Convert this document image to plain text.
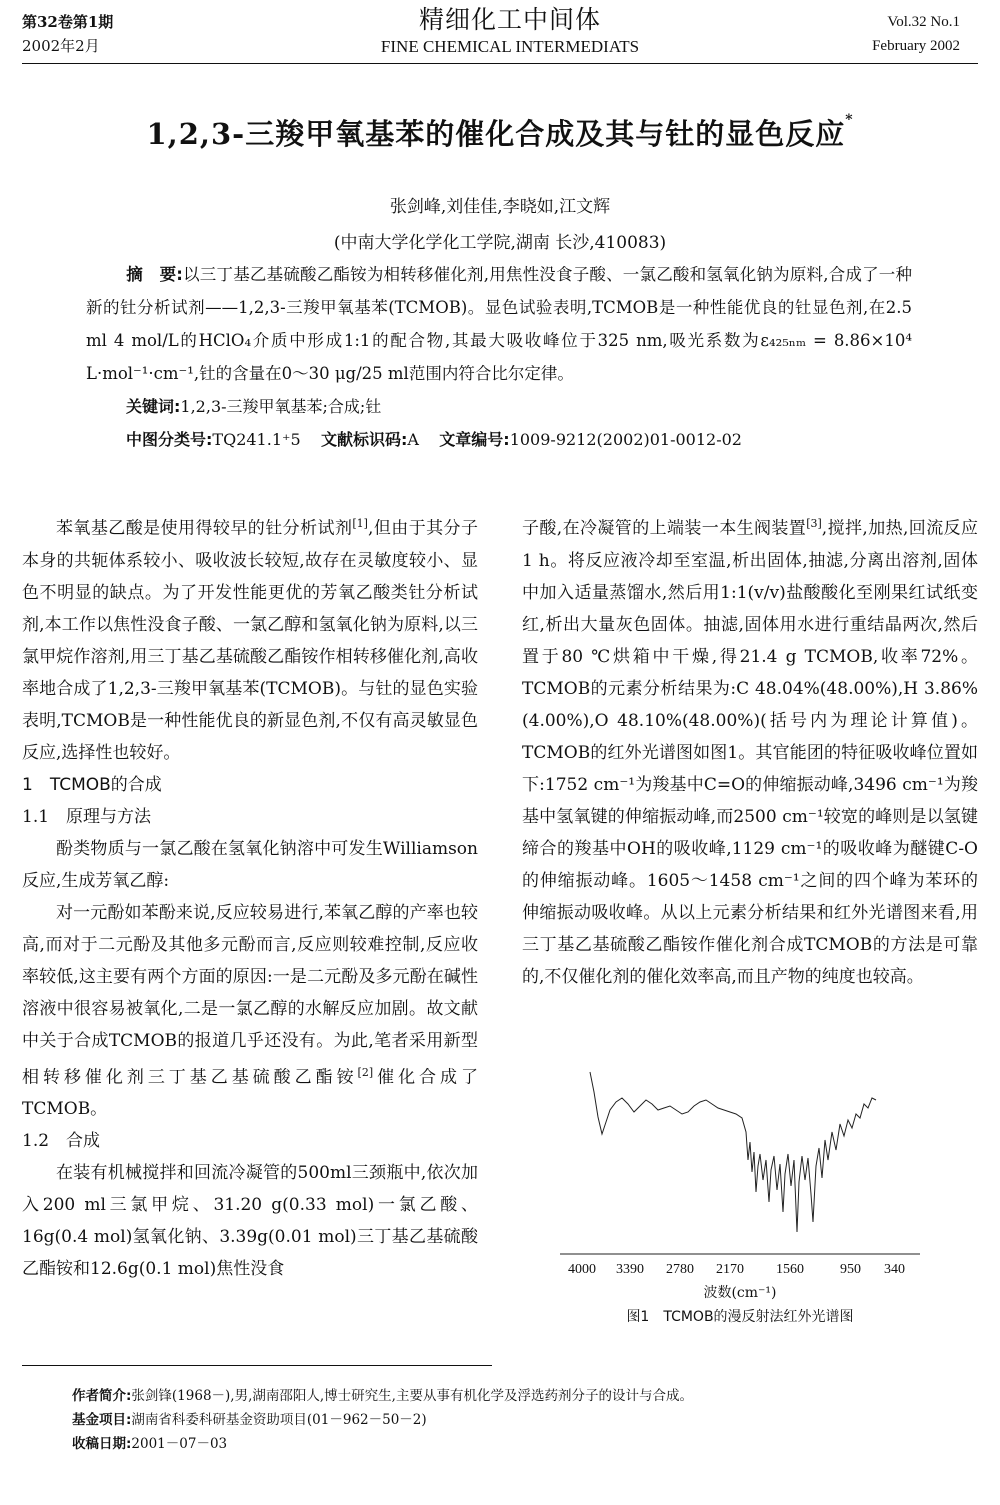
第32卷第1期
2002年2月
精细化工中间体
FINE CHEMICAL INTERMEDIATS
Vol.32 No.1
February 2002
1,2,3-三羧甲氧基苯的催化合成及其与钍的显色反应*
张剑峰,刘佳佳,李晓如,江文辉
(中南大学化学化工学院,湖南 长沙,410083)
摘　要:以三丁基乙基硫酸乙酯铵为相转移催化剂,用焦性没食子酸、一氯乙酸和氢氧化钠为原料,合成了一种新的钍分析试剂——1,2,3-三羧甲氧基苯(TCMOB)。显色试验表明,TCMOB是一种性能优良的钍显色剂,在2.5 ml 4 mol/L的HClO₄介质中形成1:1的配合物,其最大吸收峰位于325 nm,吸光系数为ε₄₂₅ₙₘ = 8.86×10⁴ L·mol⁻¹·cm⁻¹,钍的含量在0～30 μg/25 ml范围内符合比尔定律。
关键词:1,2,3-三羧甲氧基苯;合成;钍
中图分类号:TQ241.1⁺5 文献标识码:A 文章编号:1009-9212(2002)01-0012-02

苯氧基乙酸是使用得较早的钍分析试剂[1],但由于其分子本身的共轭体系较小、吸收波长较短,故存在灵敏度较小、显色不明显的缺点。为了开发性能更优的芳氧乙酸类钍分析试剂,本工作以焦性没食子酸、一氯乙醇和氢氧化钠为原料,以三氯甲烷作溶剂,用三丁基乙基硫酸乙酯铵作相转移催化剂,高收率地合成了1,2,3-三羧甲氧基苯(TCMOB)。与钍的显色实验表明,TCMOB是一种性能优良的新显色剂,不仅有高灵敏显色反应,选择性也较好。

1　TCMOB的合成

1.1　原理与方法

酚类物质与一氯乙酸在氢氧化钠溶中可发生Williamson反应,生成芳氧乙醇:

对一元酚如苯酚来说,反应较易进行,苯氧乙醇的产率也较高,而对于二元酚及其他多元酚而言,反应则较难控制,反应收率较低,这主要有两个方面的原因:一是二元酚及多元酚在碱性溶液中很容易被氧化,二是一氯乙醇的水解反应加剧。故文献中关于合成TCMOB的报道几乎还没有。为此,笔者采用新型相转移催化剂三丁基乙基硫酸乙酯铵[2]催化合成了TCMOB。

1.2　合成

在装有机械搅拌和回流冷凝管的500ml三颈瓶中,依次加入200 ml三氯甲烷、31.20 g(0.33 mol)一氯乙酸、16g(0.4 mol)氢氧化钠、3.39g(0.01 mol)三丁基乙基硫酸乙酯铵和12.6g(0.1 mol)焦性没食

子酸,在冷凝管的上端装一本生阀装置[3],搅拌,加热,回流反应1 h。将反应液冷却至室温,析出固体,抽滤,分离出溶剂,固体中加入适量蒸馏水,然后用1:1(v/v)盐酸酸化至刚果红试纸变红,析出大量灰色固体。抽滤,固体用水进行重结晶两次,然后置于80 ℃烘箱中干燥,得21.4 g TCMOB,收率72%。TCMOB的元素分析结果为:C 48.04%(48.00%),H 3.86%(4.00%),O 48.10%(48.00%)(括号内为理论计算值)。TCMOB的红外光谱图如图1。其官能团的特征吸收峰位置如下:1752 cm⁻¹为羧基中C=O的伸缩振动峰,3496 cm⁻¹为羧基中氢氧键的伸缩振动峰,而2500 cm⁻¹较宽的峰则是以氢键缔合的羧基中OH的吸收峰,1129 cm⁻¹的吸收峰为醚键C-O的伸缩振动峰。1605～1458 cm⁻¹之间的四个峰为苯环的伸缩振动吸收峰。从以上元素分析结果和红外光谱图来看,用三丁基乙基硫酸乙酯铵作催化剂合成TCMOB的方法是可靠的,不仅催化剂的催化效率高,而且产物的纯度也较高。

4000 3390 2780 2170 1560	950 340
波数(cm⁻¹)
图1　TCMOB的漫反射法红外光谱图
作者简介:张剑锋(1968－),男,湖南邵阳人,博士研究生,主要从事有机化学及浮选药剂分子的设计与合成。
基金项目:湖南省科委科研基金资助项目(01－962－50－2)
收稿日期:2001－07－03
